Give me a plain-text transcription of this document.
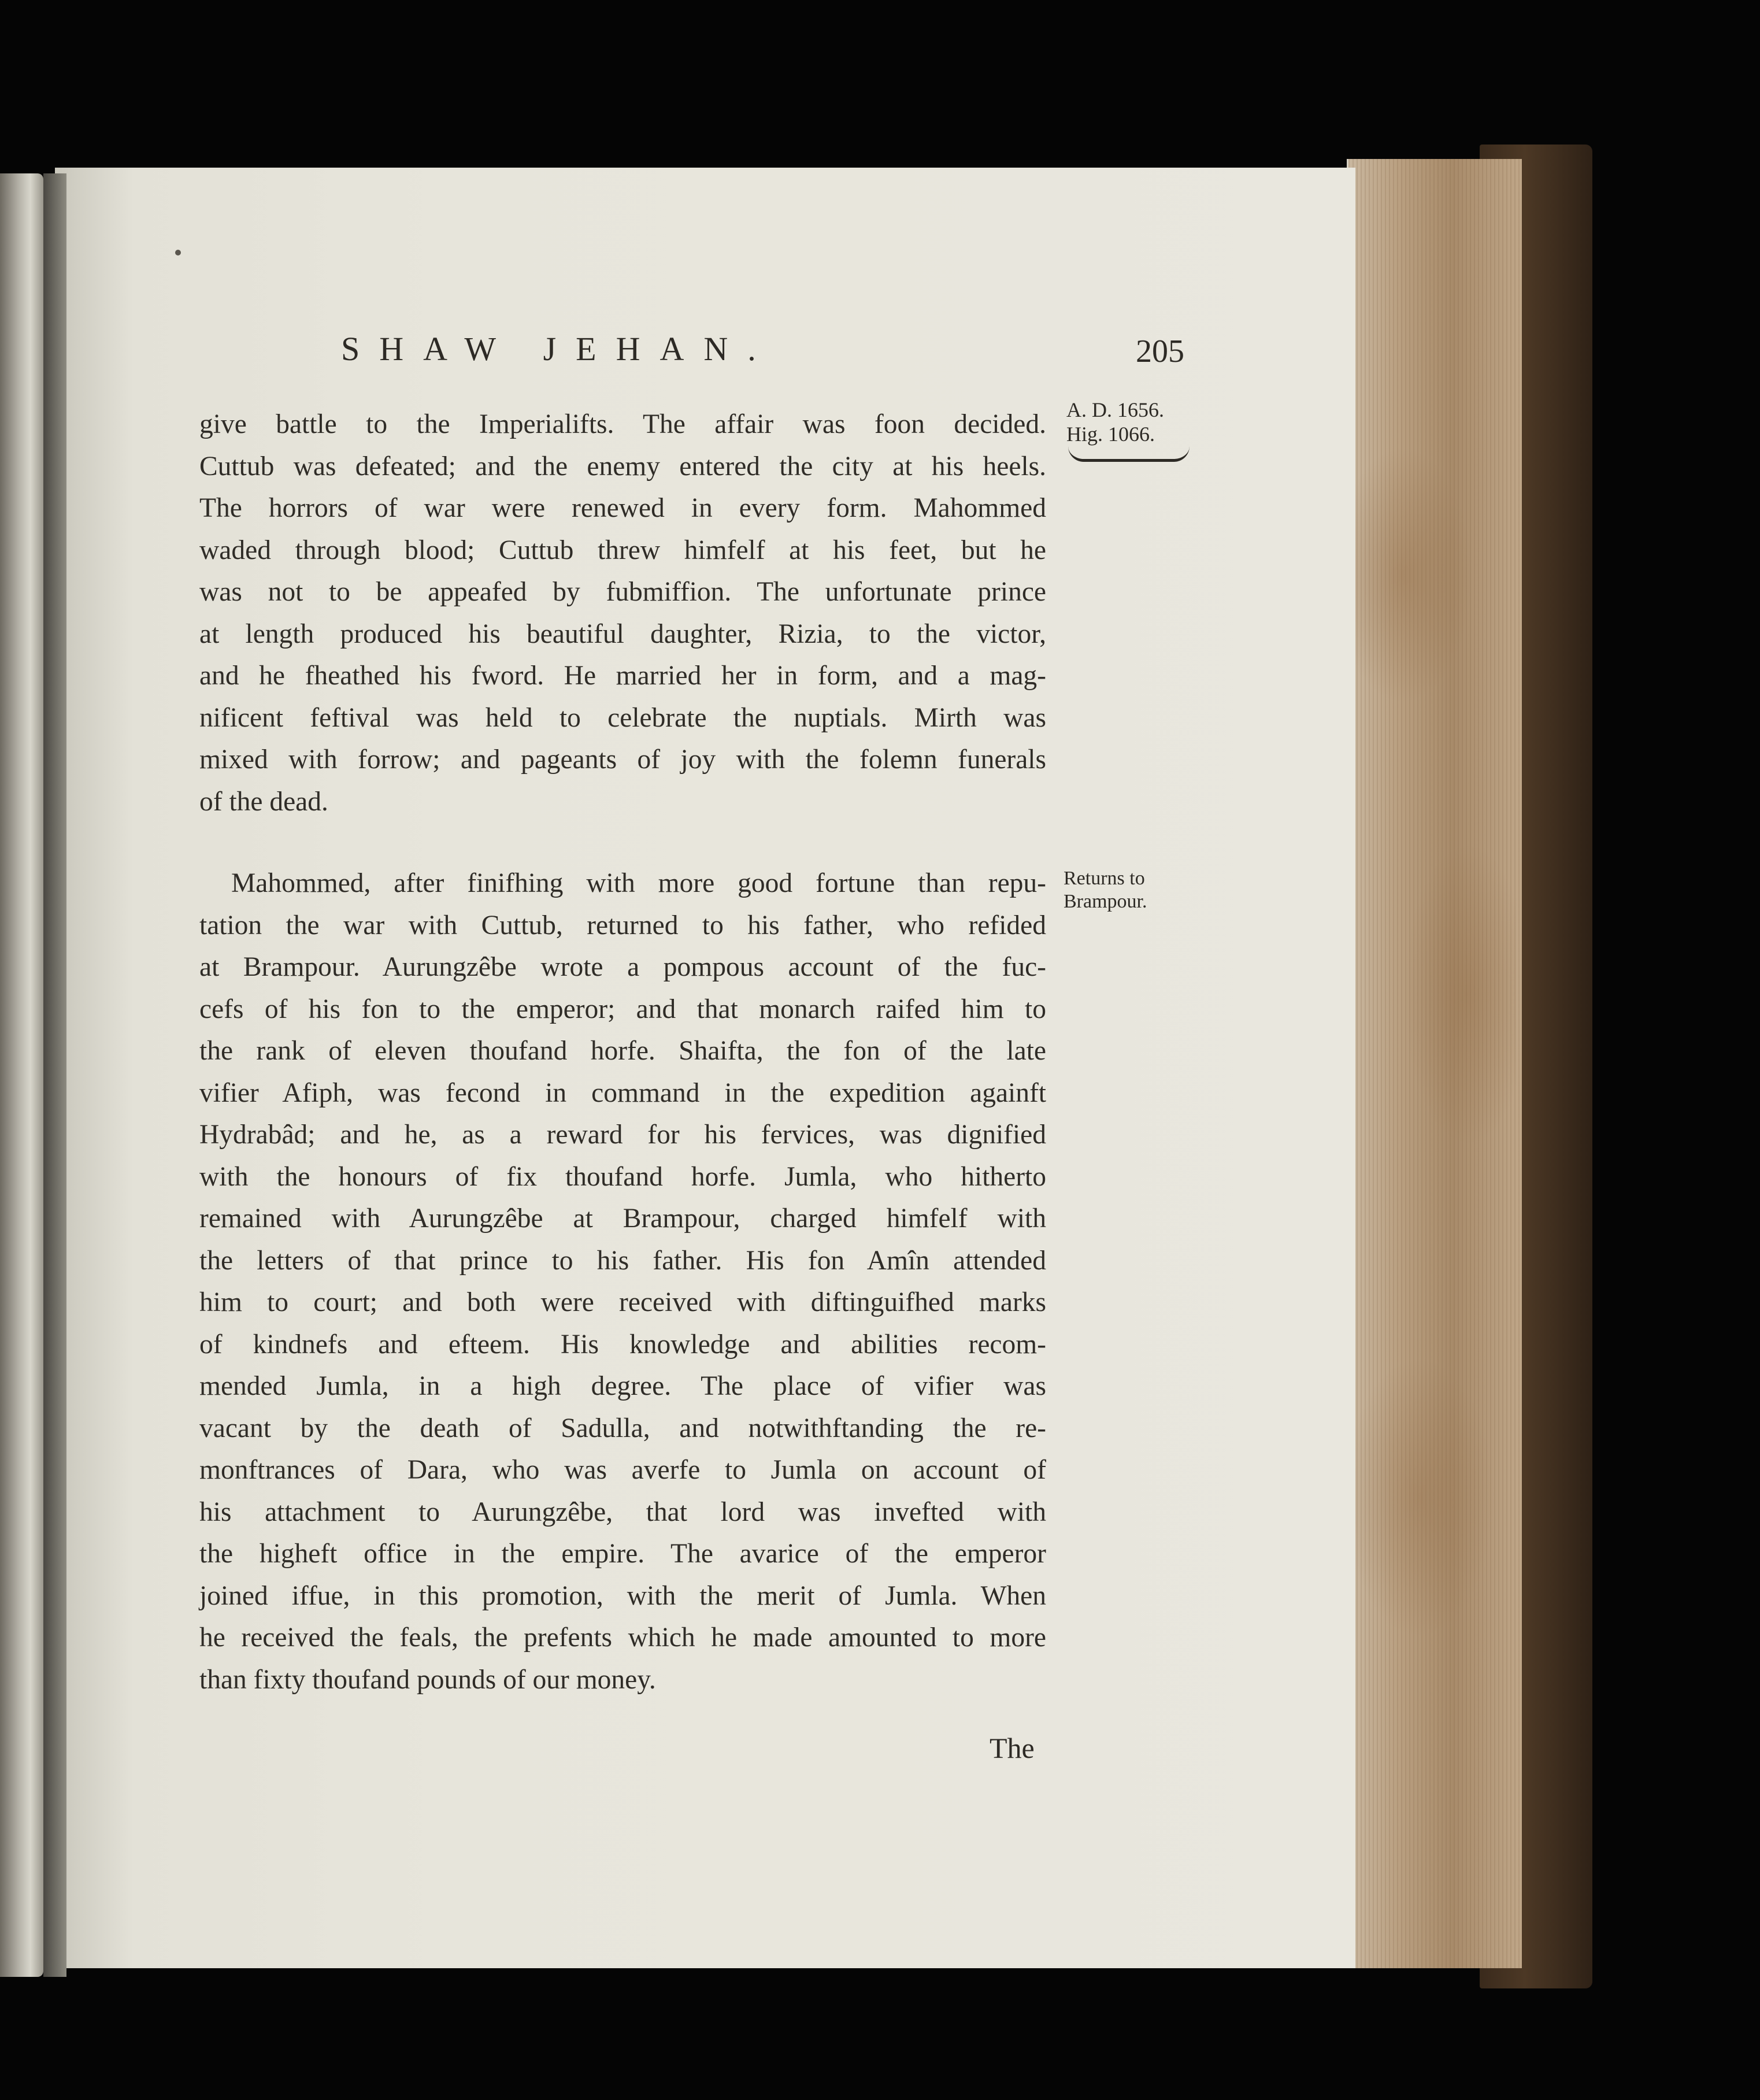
SHAW JEHAN.	205
A. D. 1656.
Hig. 1066.
Returns to
Brampour.
give battle to the Imperialifts. The affair was foon decided.
Cuttub was defeated; and the enemy entered the city at his heels.
The horrors of war were renewed in every form. Mahommed
waded through blood; Cuttub threw himfelf at his feet, but he
was not to be appeafed by fubmiffion. The unfortunate prince
at length produced his beautiful daughter, Rizia, to the victor,
and he fheathed his fword. He married her in form, and a mag-
nificent feftival was held to celebrate the nuptials. Mirth was
mixed with forrow; and pageants of joy with the folemn funerals
of the dead.
Mahommed, after finifhing with more good fortune than repu-
tation the war with Cuttub, returned to his father, who refided
at Brampour. Aurungzêbe wrote a pompous account of the fuc-
cefs of his fon to the emperor; and that monarch raifed him to
the rank of eleven thoufand horfe. Shaifta, the fon of the late
vifier Afiph, was fecond in command in the expedition againft
Hydrabâd; and he, as a reward for his fervices, was dignified
with the honours of fix thoufand horfe. Jumla, who hitherto
remained with Aurungzêbe at Brampour, charged himfelf with
the letters of that prince to his father. His fon Amîn attended
him to court; and both were received with diftinguifhed marks
of kindnefs and efteem. His knowledge and abilities recom-
mended Jumla, in a high degree. The place of vifier was
vacant by the death of Sadulla, and notwithftanding the re-
monftrances of Dara, who was averfe to Jumla on account of
his attachment to Aurungzêbe, that lord was invefted with
the higheft office in the empire. The avarice of the emperor
joined iffue, in this promotion, with the merit of Jumla. When
he received the feals, the prefents which he made amounted to more
than fixty thoufand pounds of our money.
The
